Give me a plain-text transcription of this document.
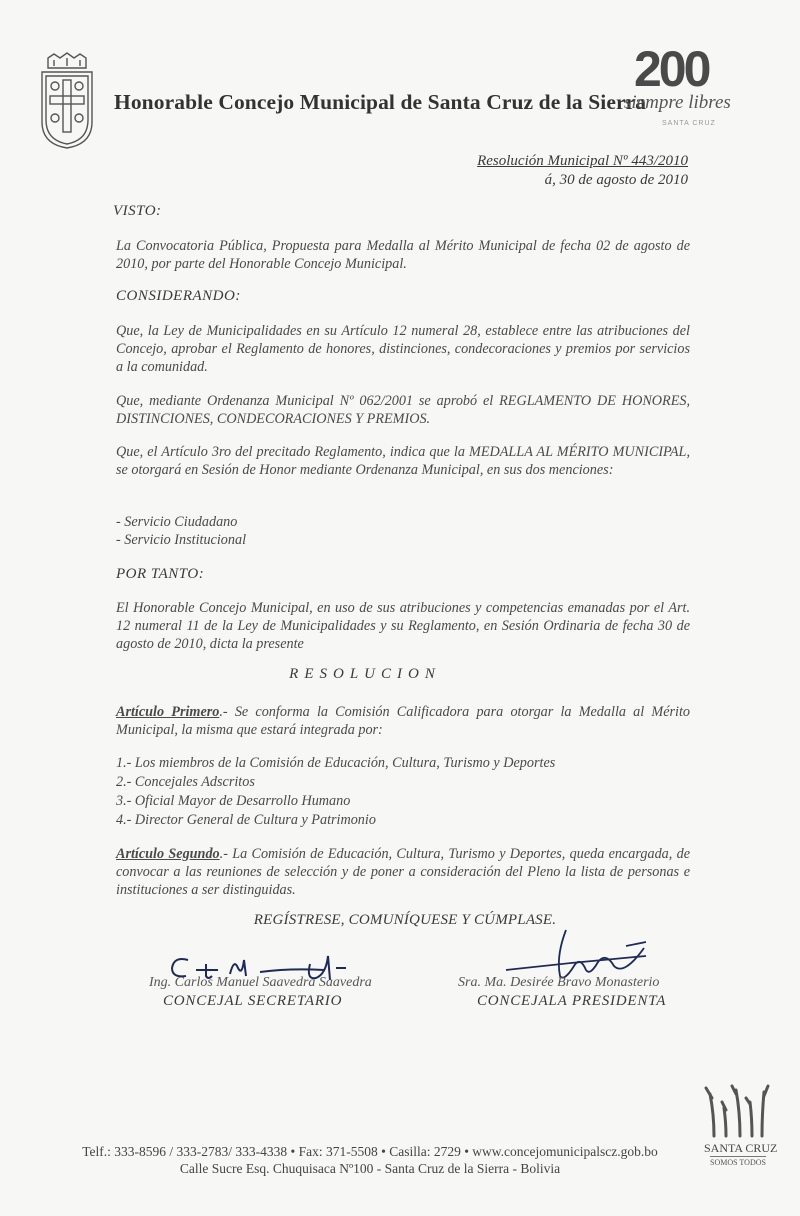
Honorable Concejo Municipal de Santa Cruz de la Sierra
200
siempre libres
SANTA CRUZ
Resolución Municipal Nº 443/2010
á, 30 de agosto de 2010
VISTO:
La Convocatoria Pública, Propuesta para Medalla al Mérito Municipal de fecha 02 de agosto de 2010, por parte del Honorable Concejo Municipal.
CONSIDERANDO:
Que, la Ley de Municipalidades en su Artículo 12 numeral 28, establece entre las atribuciones del Concejo, aprobar el Reglamento de honores, distinciones, condecoraciones y premios por servicios a la comunidad.
Que, mediante Ordenanza Municipal Nº 062/2001 se aprobó el REGLAMENTO DE HONORES, DISTINCIONES, CONDECORACIONES Y PREMIOS.
Que, el Artículo 3ro del precitado Reglamento, indica que la MEDALLA AL MÉRITO MUNICIPAL, se otorgará en Sesión de Honor mediante Ordenanza Municipal, en sus dos menciones:
- Servicio Ciudadano
- Servicio Institucional
POR TANTO:
El Honorable Concejo Municipal, en uso de sus atribuciones y competencias emanadas por el Art. 12 numeral 11 de la Ley de Municipalidades y su Reglamento, en Sesión Ordinaria de fecha 30 de agosto de 2010, dicta la presente
RESOLUCION
Artículo Primero.- Se conforma la Comisión Calificadora para otorgar la Medalla al Mérito Municipal, la misma que estará integrada por:
1.- Los miembros de la Comisión de Educación, Cultura, Turismo y Deportes
2.- Concejales Adscritos
3.- Oficial Mayor de Desarrollo Humano
4.- Director General de Cultura y Patrimonio
Artículo Segundo.- La Comisión de Educación, Cultura, Turismo y Deportes, queda encargada, de convocar a las reuniones de selección y de poner a consideración del Pleno la lista de personas e instituciones a ser distinguidas.
REGÍSTRESE, COMUNÍQUESE Y CÚMPLASE.
Ing. Carlos Manuel Saavedra Saavedra
CONCEJAL SECRETARIO
Sra. Ma. Desirée Bravo Monasterio
CONCEJALA PRESIDENTA
SANTA CRUZ
SOMOS TODOS
Telf.: 333-8596 / 333-2783/ 333-4338 • Fax: 371-5508 • Casilla: 2729 • www.concejomunicipalscz.gob.bo
Calle Sucre Esq. Chuquisaca Nº100 - Santa Cruz de la Sierra - Bolivia
